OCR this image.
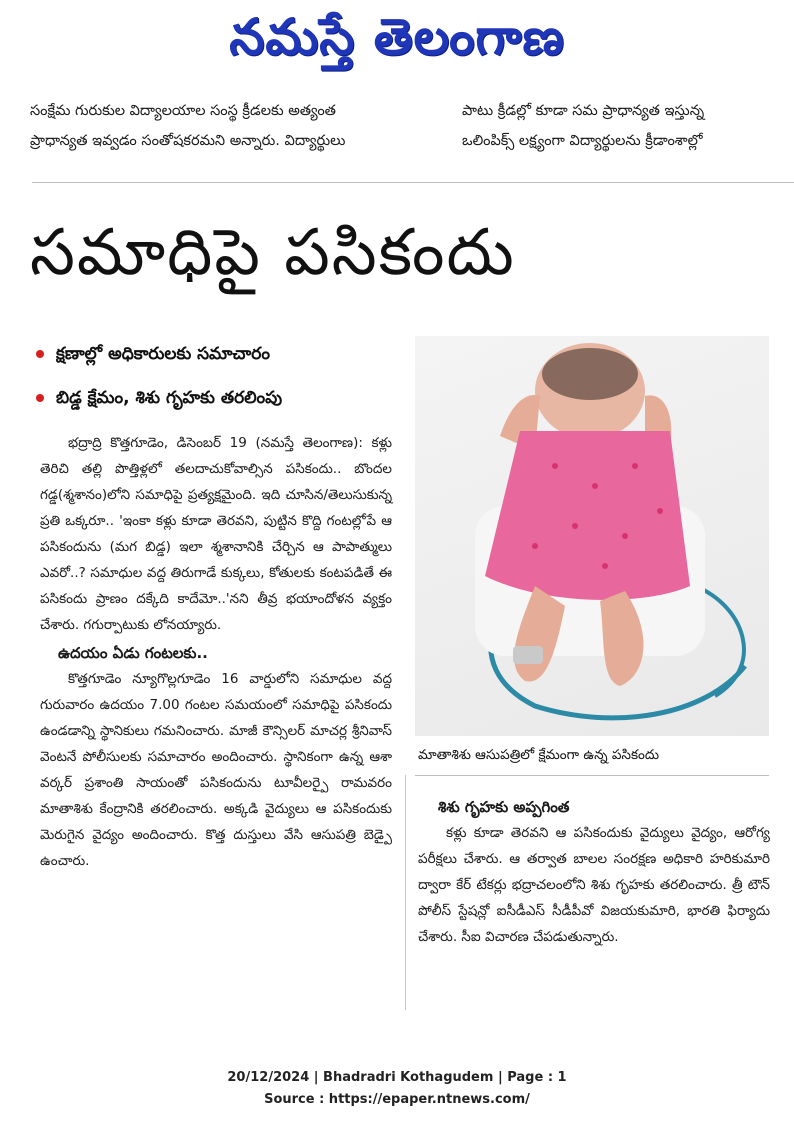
నమస్తే తెలంగాణ
సంక్షేమ గురుకుల విద్యాలయాల సంస్థ క్రీడలకు అత్యంత
ప్రాధాన్యత ఇవ్వడం సంతోషకరమని అన్నారు. విద్యార్థులు
పాటు క్రీడల్లో కూడా సమ ప్రాధాన్యత ఇస్తున్న
ఒలింపిక్స్ లక్ష్యంగా విద్యార్థులను క్రీడాంశాల్లో
సమాధిపై పసికందు
క్షణాల్లో అధికారులకు సమాచారం
బిడ్డ క్షేమం, శిశు గృహకు తరలింపు

భద్రాద్రి కొత్తగూడెం, డిసెంబర్ 19 (నమస్తే తెలంగాణ): కళ్లు తెరిచి తల్లి పొత్తిళ్లలో తలదాచుకోవాల్సిన పసికందు.. బొందల గడ్డ(శ్మశానం)లోని సమాధిపై ప్రత్యక్షమైంది. ఇది చూసిన/తెలుసుకున్న ప్రతి ఒక్కరూ.. 'ఇంకా కళ్లు కూడా తెరవని, పుట్టిన కొద్ది గంటల్లోపే ఆ పసికందును (మగ బిడ్డ) ఇలా శ్మశానానికి చేర్చిన ఆ పాపాత్ములు ఎవరో..? సమాధుల వద్ద తిరుగాడే కుక్కలు, కోతులకు కంటపడితే ఈ పసికందు ప్రాణం దక్కేది కాదేమో..'నని తీవ్ర భయాందోళన వ్యక్తం చేశారు. గగుర్పాటుకు లోనయ్యారు.

ఉదయం ఏడు గంటలకు..

కొత్తగూడెం న్యూగొల్లగూడెం 16 వార్డులోని సమాధుల వద్ద గురువారం ఉదయం 7.00 గంటల సమయంలో సమాధిపై పసికందు ఉండడాన్ని స్థానికులు గమనించారు. మాజీ కౌన్సిలర్ మాచర్ల శ్రీనివాస్ వెంటనే పోలీసులకు సమాచారం అందించారు. స్థానికంగా ఉన్న ఆశా వర్కర్ ప్రశాంతి సాయంతో పసికందును టూవీలర్పై రామవరం మాతాశిశు కేంద్రానికి తరలించారు. అక్కడి వైద్యులు ఆ పసికందుకు మెరుగైన వైద్యం అందించారు. కొత్త దుస్తులు వేసి ఆసుపత్రి బెడ్పై ఉంచారు.

మాతాశిశు ఆసుపత్రిలో క్షేమంగా ఉన్న పసికందు

శిశు గృహకు అప్పగింత

కళ్లు కూడా తెరవని ఆ పసికందుకు వైద్యులు వైద్యం, ఆరోగ్య పరీక్షలు చేశారు. ఆ తర్వాత బాలల సంరక్షణ అధికారి హరికుమారి ద్వారా కేర్ టేకర్లు భద్రాచలంలోని శిశు గృహకు తరలించారు. త్రీ టౌన్ పోలీస్ స్టేషన్లో ఐసీడీఎస్ సీడీపీవో విజయకుమారి, భారతి ఫిర్యాదు చేశారు. సీఐ విచారణ చేపడుతున్నారు.

20/12/2024 | Bhadradri Kothagudem | Page : 1
Source : https://epaper.ntnews.com/
